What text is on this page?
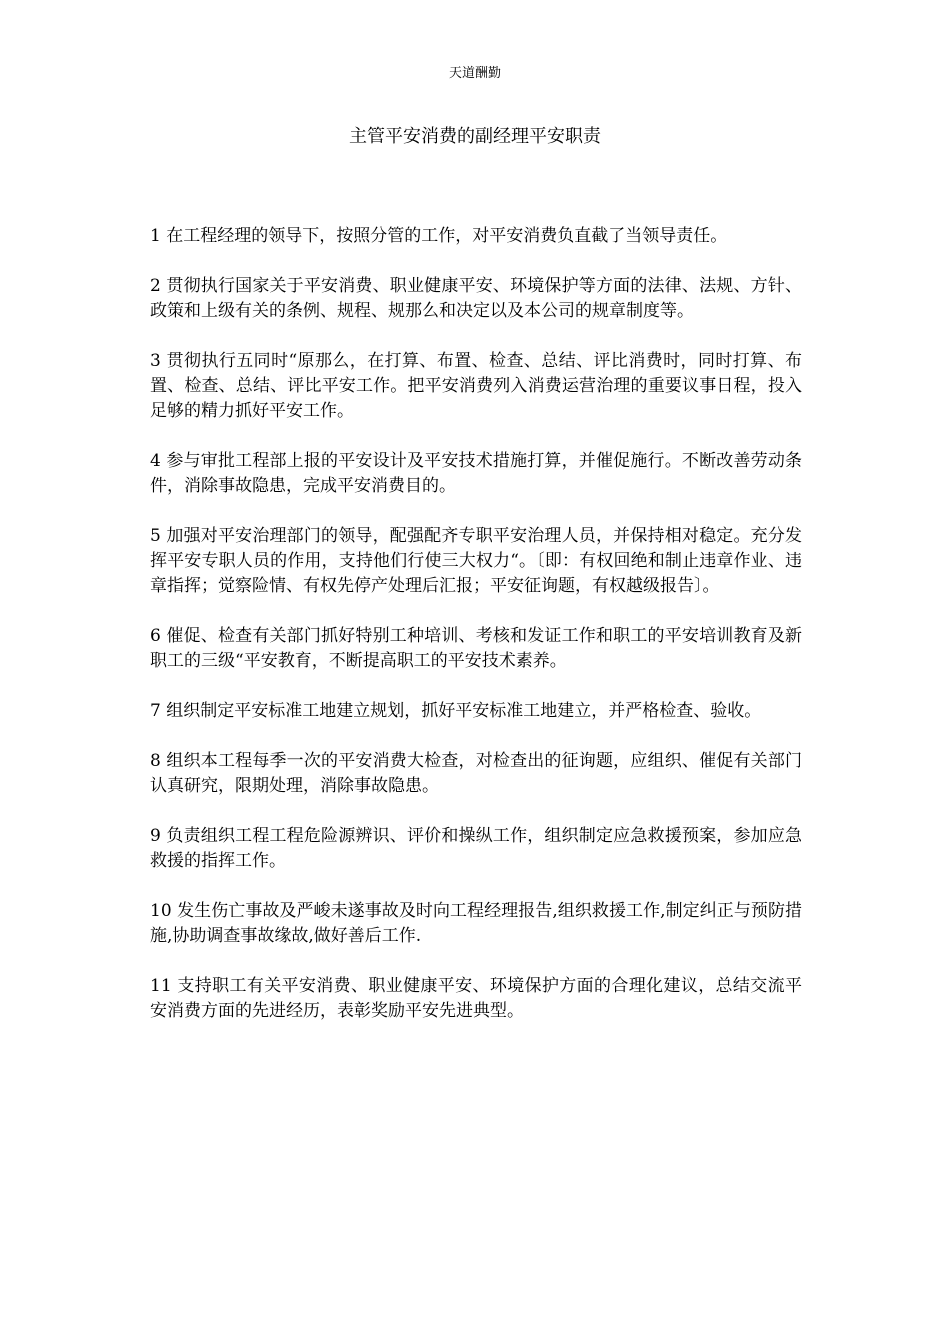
天道酬勤
主管平安消费的副经理平安职责

1 在工程经理的领导下，按照分管的工作，对平安消费负直截了当领导责任。

2 贯彻执行国家关于平安消费、职业健康平安、环境保护等方面的法律、法规、方针、政策和上级有关的条例、规程、规那么和决定以及本公司的规章制度等。

3 贯彻执行五同时“原那么，在打算、布置、检查、总结、评比消费时，同时打算、布置、检查、总结、评比平安工作。把平安消费列入消费运营治理的重要议事日程，投入足够的精力抓好平安工作。

4 参与审批工程部上报的平安设计及平安技术措施打算，并催促施行。不断改善劳动条件，消除事故隐患，完成平安消费目的。

5 加强对平安治理部门的领导，配强配齐专职平安治理人员，并保持相对稳定。充分发挥平安专职人员的作用，支持他们行使三大权力“。〔即：有权回绝和制止违章作业、违章指挥；觉察险情、有权先停产处理后汇报；平安征询题，有权越级报告〕。

6 催促、检查有关部门抓好特别工种培训、考核和发证工作和职工的平安培训教育及新职工的三级“平安教育，不断提高职工的平安技术素养。

7 组织制定平安标准工地建立规划，抓好平安标准工地建立，并严格检查、验收。

8 组织本工程每季一次的平安消费大检查，对检查出的征询题，应组织、催促有关部门认真研究，限期处理，消除事故隐患。

9 负责组织工程工程危险源辨识、评价和操纵工作，组织制定应急救援预案，参加应急救援的指挥工作。

10 发生伤亡事故及严峻未遂事故及时向工程经理报告,组织救援工作,制定纠正与预防措施,协助调查事故缘故,做好善后工作.

11 支持职工有关平安消费、职业健康平安、环境保护方面的合理化建议，总结交流平安消费方面的先进经历，表彰奖励平安先进典型。
